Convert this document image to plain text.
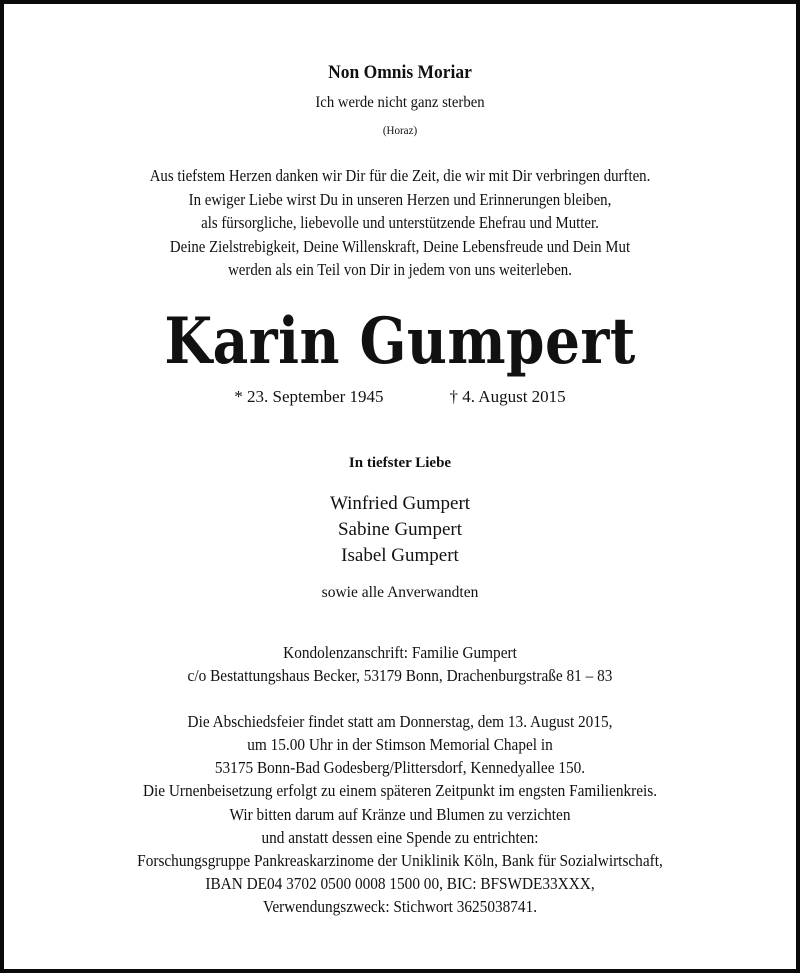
Non Omnis Moriar
Ich werde nicht ganz sterben
(Horaz)
Aus tiefstem Herzen danken wir Dir für die Zeit, die wir mit Dir verbringen durften.
In ewiger Liebe wirst Du in unseren Herzen und Erinnerungen bleiben,
als fürsorgliche, liebevolle und unterstützende Ehefrau und Mutter.
Deine Zielstrebigkeit, Deine Willenskraft, Deine Lebensfreude und Dein Mut
werden als ein Teil von Dir in jedem von uns weiterleben.
Karin Gumpert
* 23. September 1945	† 4. August 2015
In tiefster Liebe
Winfried Gumpert
Sabine Gumpert
Isabel Gumpert
sowie alle Anverwandten
Kondolenzanschrift: Familie Gumpert
c/o Bestattungshaus Becker, 53179 Bonn, Drachenburgstraße 81 – 83
Die Abschiedsfeier findet statt am Donnerstag, dem 13. August 2015,
um 15.00 Uhr in der Stimson Memorial Chapel in
53175 Bonn-Bad Godesberg/Plittersdorf, Kennedyallee 150.
Die Urnenbeisetzung erfolgt zu einem späteren Zeitpunkt im engsten Familienkreis.
Wir bitten darum auf Kränze und Blumen zu verzichten
und anstatt dessen eine Spende zu entrichten:
Forschungsgruppe Pankreaskarzinome der Uniklinik Köln, Bank für Sozialwirtschaft,
IBAN DE04 3702 0500 0008 1500 00, BIC: BFSWDE33XXX,
Verwendungszweck: Stichwort 3625038741.
